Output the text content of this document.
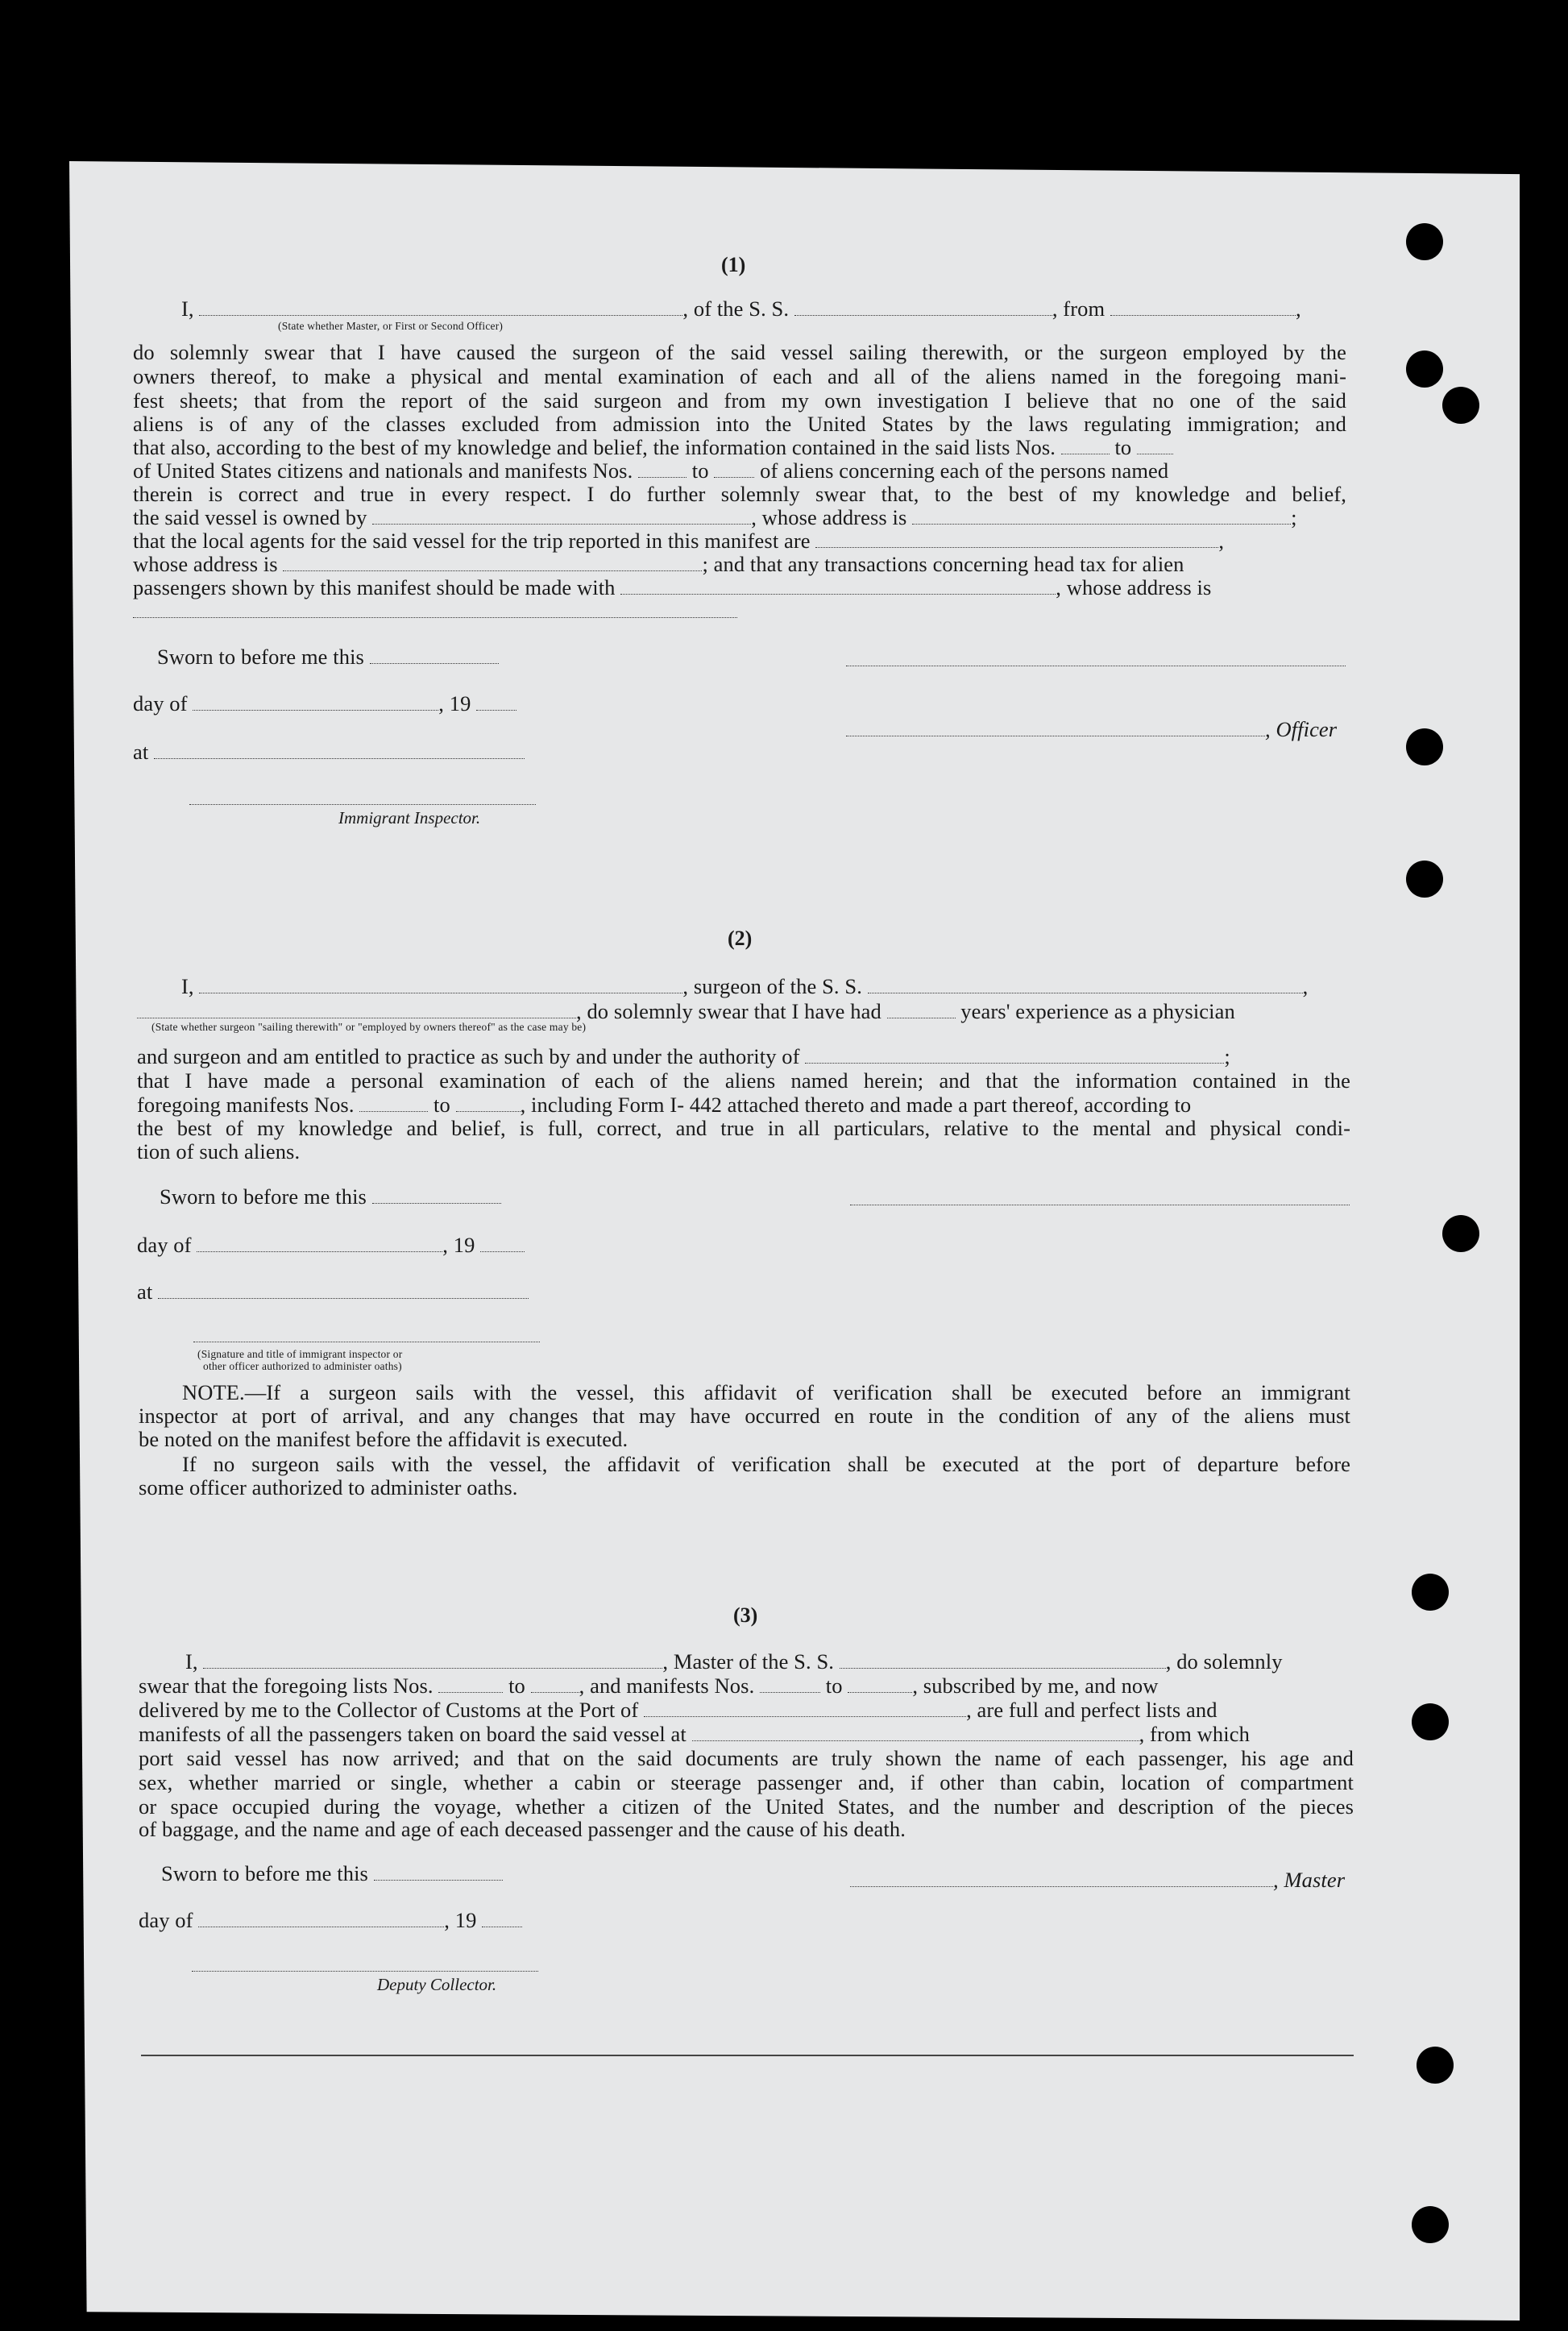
(1)
I,	, of the S. S.	, from	,
(State whether Master, or First or Second Officer)
do solemnly swear that I have caused the surgeon of the said vessel sailing therewith, or the surgeon employed by the
owners thereof, to make a physical and mental examination of each and all of the aliens named in the foregoing mani-
fest sheets; that from the report of the said surgeon and from my own investigation I believe that no one of the said
aliens is of any of the classes excluded from admission into the United States by the laws regulating immigration; and
that also, according to the best of my knowledge and belief, the information contained in the said lists Nos.	to
of United States citizens and nationals and manifests Nos.	to of aliens concerning each of the persons named
therein is correct and true in every respect. I do further solemnly swear that, to the best of my knowledge and belief,
the said vessel is owned by	, whose address is	;
that the local agents for the said vessel for the trip reported in this manifest are	,
whose address is	; and that any transactions concerning head tax for alien
passengers shown by this manifest should be made with	, whose address is
Sworn to before me this
day of	, 19
, Officer
at
Immigrant Inspector.
(2)
I,	, surgeon of the S. S.	,
, do solemnly swear that I have had	years' experience as a physician
(State whether surgeon "sailing therewith" or "employed by owners thereof" as the case may be)
and surgeon and am entitled to practice as such by and under the authority of	;
that I have made a personal examination of each of the aliens named herein; and that the information contained in the
foregoing manifests Nos.	to	, including Form I- 442 attached thereto and made a part thereof, according to
the best of my knowledge and belief, is full, correct, and true in all particulars, relative to the mental and physical condi-
tion of such aliens.
Sworn to before me this
day of	, 19
at
(Signature and title of immigrant inspector or
other officer authorized to administer oaths)
NOTE.—If a surgeon sails with the vessel, this affidavit of verification shall be executed before an immigrant
inspector at port of arrival, and any changes that may have occurred en route in the condition of any of the aliens must
be noted on the manifest before the affidavit is executed.
If no surgeon sails with the vessel, the affidavit of verification shall be executed at the port of departure before
some officer authorized to administer oaths.
(3)
I,	, Master of the S. S.	, do solemnly
swear that the foregoing lists Nos.	to	, and manifests Nos.	to	, subscribed by me, and now
delivered by me to the Collector of Customs at the Port of	, are full and perfect lists and
manifests of all the passengers taken on board the said vessel at	, from which
port said vessel has now arrived; and that on the said documents are truly shown the name of each passenger, his age and
sex, whether married or single, whether a cabin or steerage passenger and, if other than cabin, location of compartment
or space occupied during the voyage, whether a citizen of the United States, and the number and description of the pieces
of baggage, and the name and age of each deceased passenger and the cause of his death.
Sworn to before me this	, Master
day of	, 19
Deputy Collector.
